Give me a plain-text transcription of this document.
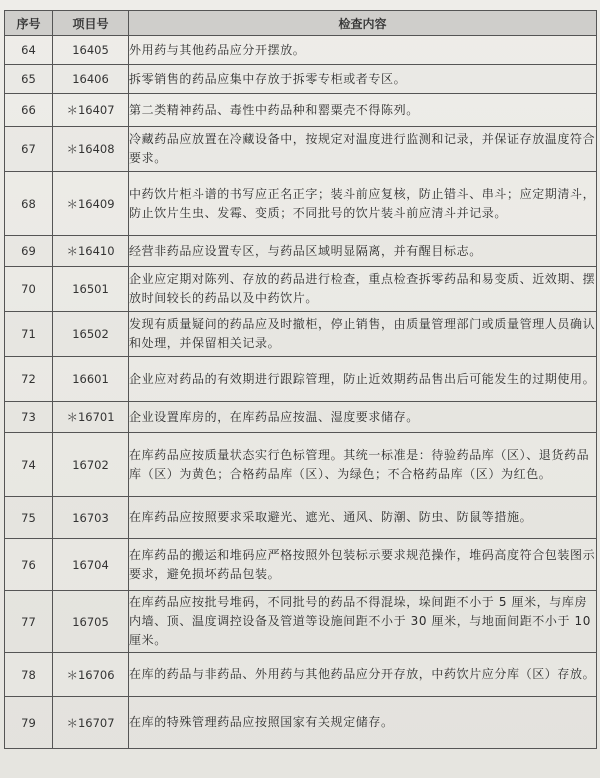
序号	项目号	检查内容
64	16405	外用药与其他药品应分开摆放。
65	16406	拆零销售的药品应集中存放于拆零专柜或者专区。
66	＊16407	第二类精神药品、毒性中药品种和罂粟壳不得陈列。
67	＊16408	冷藏药品应放置在冷藏设备中，按规定对温度进行监测和记录，并保证存放温度符合要求。
68	＊16409	中药饮片柜斗谱的书写应正名正字；装斗前应复核，防止错斗、串斗；应定期清斗，防止饮片生虫、发霉、变质；不同批号的饮片装斗前应清斗并记录。
69	＊16410	经营非药品应设置专区，与药品区域明显隔离，并有醒目标志。
70	16501	企业应定期对陈列、存放的药品进行检查，重点检查拆零药品和易变质、近效期、摆放时间较长的药品以及中药饮片。
71	16502	发现有质量疑问的药品应及时撤柜，停止销售，由质量管理部门或质量管理人员确认和处理，并保留相关记录。
72	16601	企业应对药品的有效期进行跟踪管理，防止近效期药品售出后可能发生的过期使用。
73	＊16701	企业设置库房的，在库药品应按温、湿度要求储存。
74	16702	在库药品应按质量状态实行色标管理。其统一标准是：待验药品库（区）、退货药品库（区）为黄色；合格药品库（区）、为绿色；不合格药品库（区）为红色。
75	16703	在库药品应按照要求采取避光、遮光、通风、防潮、防虫、防鼠等措施。
76	16704	在库药品的搬运和堆码应严格按照外包装标示要求规范操作，堆码高度符合包装图示要求，避免损坏药品包装。
77	16705	在库药品应按批号堆码，不同批号的药品不得混垛，垛间距不小于 5 厘米，与库房内墙、顶、温度调控设备及管道等设施间距不小于 30 厘米，与地面间距不小于 10 厘米。
78	＊16706	在库的药品与非药品、外用药与其他药品应分开存放，中药饮片应分库（区）存放。
79	＊16707	在库的特殊管理药品应按照国家有关规定储存。
